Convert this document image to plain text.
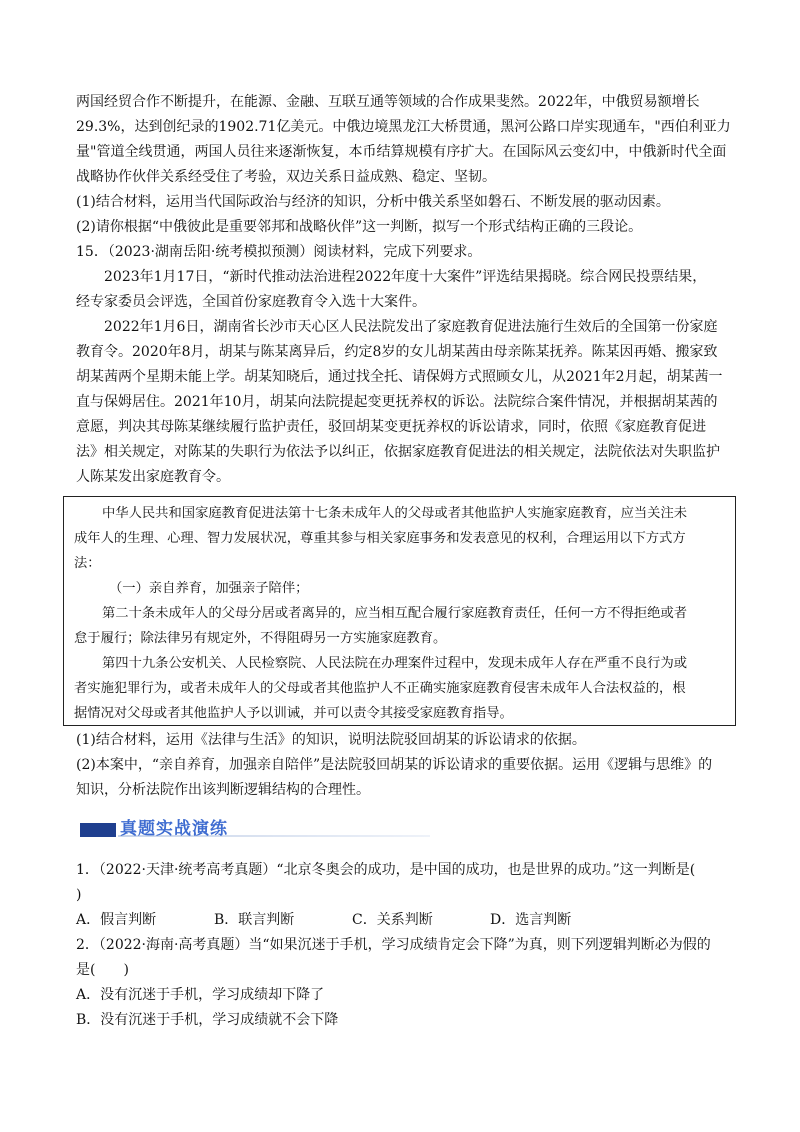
两国经贸合作不断提升，在能源、金融、互联互通等领域的合作成果斐然。2022年，中俄贸易额增长
29.3%，达到创纪录的1902.71亿美元。中俄边境黑龙江大桥贯通，黑河公路口岸实现通车，"西伯利亚力
量"管道全线贯通，两国人员往来逐渐恢复，本币结算规模有序扩大。在国际风云变幻中，中俄新时代全面
战略协作伙伴关系经受住了考验，双边关系日益成熟、稳定、坚韧。
(1)结合材料，运用当代国际政治与经济的知识，分析中俄关系坚如磐石、不断发展的驱动因素。
(2)请你根据“中俄彼此是重要邻邦和战略伙伴”这一判断，拟写一个形式结构正确的三段论。
15．（2023·湖南岳阳·统考模拟预测）阅读材料，完成下列要求。
2023年1月17日，“新时代推动法治进程2022年度十大案件”评选结果揭晓。综合网民投票结果，
经专家委员会评选，全国首份家庭教育令入选十大案件。
2022年1月6日，湖南省长沙市天心区人民法院发出了家庭教育促进法施行生效后的全国第一份家庭
教育令。2020年8月，胡某与陈某离异后，约定8岁的女儿胡某茜由母亲陈某抚养。陈某因再婚、搬家致
胡某茜两个星期未能上学。胡某知晓后，通过找全托、请保姆方式照顾女儿，从2021年2月起，胡某茜一
直与保姆居住。2021年10月，胡某向法院提起变更抚养权的诉讼。法院综合案件情况，并根据胡某茜的
意愿，判决其母陈某继续履行监护责任，驳回胡某变更抚养权的诉讼请求，同时，依照《家庭教育促进
法》相关规定，对陈某的失职行为依法予以纠正，依据家庭教育促进法的相关规定，法院依法对失职监护
人陈某发出家庭教育令。
中华人民共和国家庭教育促进法第十七条未成年人的父母或者其他监护人实施家庭教育，应当关注未
成年人的生理、心理、智力发展状况，尊重其参与相关家庭事务和发表意见的权利，合理运用以下方式方
法：
（一）亲自养育，加强亲子陪伴；
第二十条未成年人的父母分居或者离异的，应当相互配合履行家庭教育责任，任何一方不得拒绝或者
怠于履行；除法律另有规定外，不得阻碍另一方实施家庭教育。
第四十九条公安机关、人民检察院、人民法院在办理案件过程中，发现未成年人存在严重不良行为或
者实施犯罪行为，或者未成年人的父母或者其他监护人不正确实施家庭教育侵害未成年人合法权益的，根
据情况对父母或者其他监护人予以训诫，并可以责令其接受家庭教育指导。
(1)结合材料，运用《法律与生活》的知识，说明法院驳回胡某的诉讼请求的依据。
(2)本案中，“亲自养育，加强亲自陪伴”是法院驳回胡某的诉讼请求的重要依据。运用《逻辑与思维》的
知识，分析法院作出该判断逻辑结构的合理性。
真题实战演练
1．（2022·天津·统考高考真题）“北京冬奥会的成功，是中国的成功，也是世界的成功。”这一判断是(
)
A．假言判断	B．联言判断	C．关系判断	D．选言判断
2．（2022·海南·高考真题）当“如果沉迷于手机，学习成绩肯定会下降”为真，则下列逻辑判断必为假的
是(　　)
A．没有沉迷于手机，学习成绩却下降了
B．没有沉迷于手机，学习成绩就不会下降
